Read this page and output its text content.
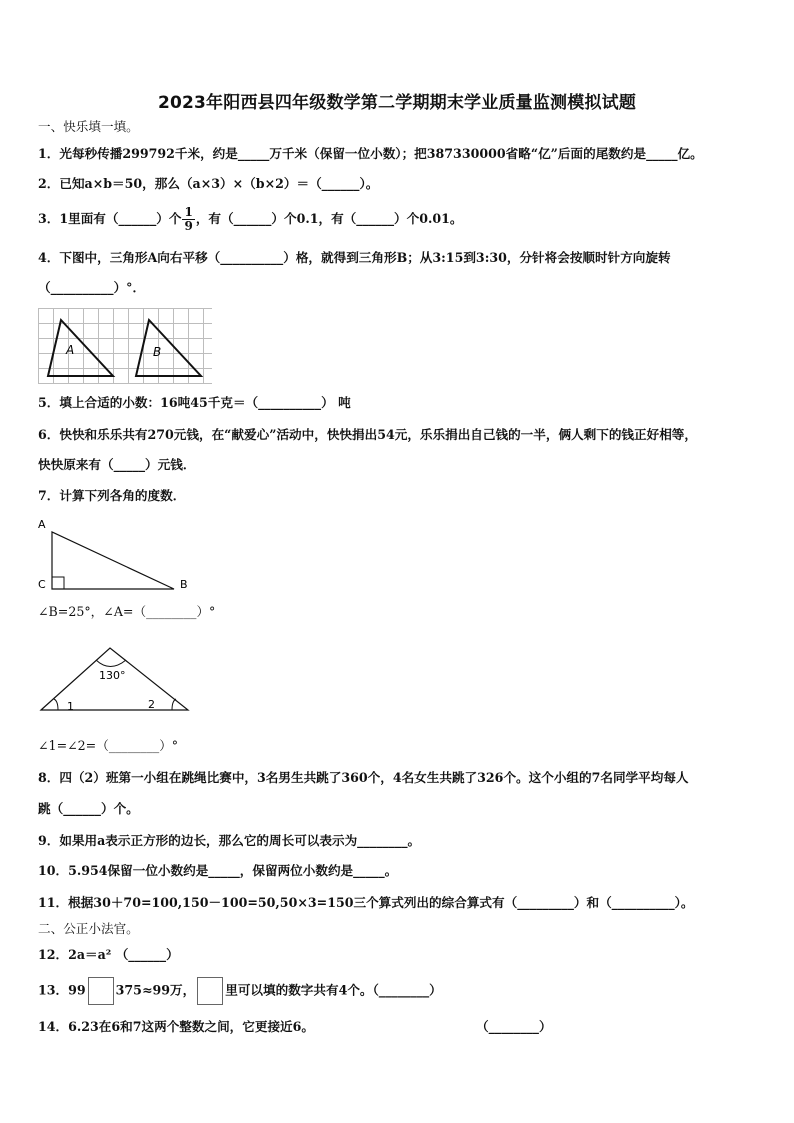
2023年阳西县四年级数学第二学期期末学业质量监测模拟试题
一、快乐填一填。
1．光每秒传播299792千米，约是_____万千米（保留一位小数）；把387330000省略“亿”后面的尾数约是_____亿。
2．已知a×b＝50，那么（a×3）×（b×2）＝（______）。
3．1里面有（______）个 $\frac{1}{9}$ ，有（______）个0.1，有（______）个0.01。
4．下图中，三角形A向右平移（__________）格，就得到三角形B；从3:15到3:30，分针将会按顺时针方向旋转
（__________）°．
A	B
5．填上合适的小数：16吨45千克＝（__________） 吨
6．快快和乐乐共有270元钱，在“献爱心”活动中，快快捐出54元，乐乐捐出自己钱的一半，俩人剩下的钱正好相等，
快快原来有（_____）元钱．
7．计算下列各角的度数．
A
C	B
∠B=25°，∠A=（________）°
130°
1	2
∠1=∠2=（________）°
8．四（2）班第一小组在跳绳比赛中，3名男生共跳了360个，4名女生共跳了326个。这个小组的7名同学平均每人
跳（______）个。
9．如果用a表示正方形的边长，那么它的周长可以表示为________。
10．5.954保留一位小数约是_____，保留两位小数约是_____。
11．根据30＋70=100,150－100=50,50×3=150三个算式列出的综合算式有（_________）和（__________）。
二、公正小法官。
12．2a＝a² （______）
13．99 375≈99万， 里可以填的数字共有4个。（________）
14．6.23在6和7这两个整数之间，它更接近6。	（________）
